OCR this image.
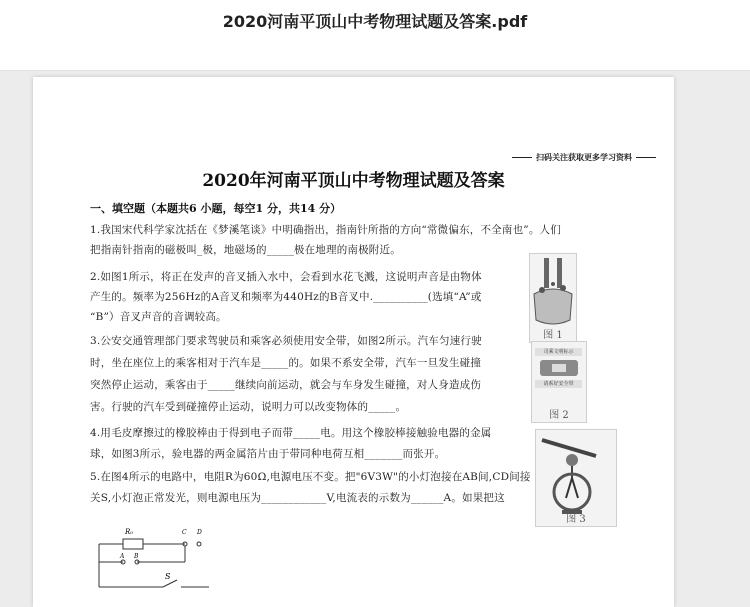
2020河南平顶山中考物理试题及答案.pdf
扫码关注获取更多学习资料
2020年河南平顶山中考物理试题及答案
一、填空题（本题共6 小题，每空1 分，共14 分）
1.我国宋代科学家沈括在《梦溪笔谈》中明确指出，指南针所指的方向“常微偏东，不全南也”。人们
把指南针指南的磁极叫_极，地磁场的_____极在地理的南极附近。
2.如图1所示，将正在发声的音叉插入水中，会看到水花飞溅，这说明声音是由物体
产生的。频率为256Hz的A音叉和频率为440Hz的B音叉中.__________(选填“A”或
“B”）音叉声音的音调较高。
3.公安交通管理部门要求驾驶员和乘客必须使用安全带，如图2所示。汽车匀速行驶
时，坐在座位上的乘客相对于汽车是_____的。如果不系安全带，汽车一旦发生碰撞
突然停止运动，乘客由于_____继续向前运动，就会与车身发生碰撞，对人身造成伤
害。行驶的汽车受到碰撞停止运动，说明力可以改变物体的_____。
4.用毛皮摩擦过的橡胶棒由于得到电子而带_____电。用这个橡胶棒接触验电器的金属
球，如图3所示，验电器的两金属箔片由于带同种电荷互相_______而张开。
5.在图4所示的电路中，电阻R为60Ω,电源电压不变。把"6V3W"的小灯泡接在AB间,CD间接
关S,小灯泡正常发光，则电源电压为____________V,电流表的示数为______A。如果把这
图 1
司乘文明标示
请系好安全带
图 2
图 3
R₀	C D
A B
S
